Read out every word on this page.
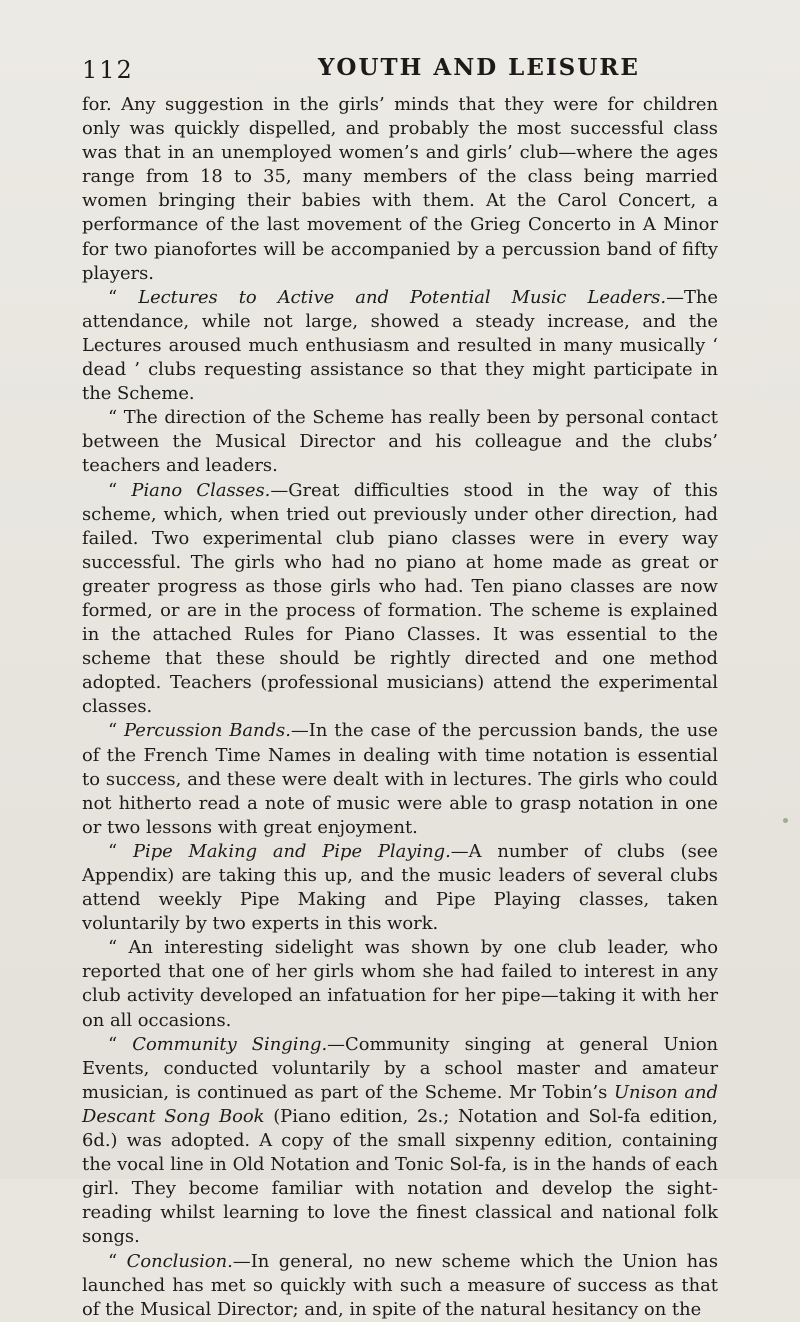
112	YOUTH AND LEISURE

for. Any suggestion in the girls’ minds that they were for children only was quickly dispelled, and probably the most successful class was that in an unemployed women’s and girls’ club—where the ages range from 18 to 35, many members of the class being married women bringing their babies with them. At the Carol Concert, a performance of the last movement of the Grieg Concerto in A Minor for two pianofortes will be accompanied by a percussion band of fifty players.

“ Lectures to Active and Potential Music Leaders.—The attendance, while not large, showed a steady increase, and the Lectures aroused much enthusiasm and resulted in many musically ‘ dead ’ clubs requesting assistance so that they might participate in the Scheme.

“ The direction of the Scheme has really been by personal contact between the Musical Director and his colleague and the clubs’ teachers and leaders.

“ Piano Classes.—Great difficulties stood in the way of this scheme, which, when tried out previously under other direction, had failed. Two experimental club piano classes were in every way successful. The girls who had no piano at home made as great or greater progress as those girls who had. Ten piano classes are now formed, or are in the process of formation. The scheme is explained in the attached Rules for Piano Classes. It was essential to the scheme that these should be rightly directed and one method adopted. Teachers (professional musicians) attend the experimental classes.

“ Percussion Bands.—In the case of the percussion bands, the use of the French Time Names in dealing with time notation is essential to success, and these were dealt with in lectures. The girls who could not hitherto read a note of music were able to grasp notation in one or two lessons with great enjoyment.

“ Pipe Making and Pipe Playing.—A number of clubs (see Appendix) are taking this up, and the music leaders of several clubs attend weekly Pipe Making and Pipe Playing classes, taken voluntarily by two experts in this work.

“ An interesting sidelight was shown by one club leader, who reported that one of her girls whom she had failed to interest in any club activity developed an infatuation for her pipe—taking it with her on all occasions.

“ Community Singing.—Community singing at general Union Events, conducted voluntarily by a school master and amateur musician, is continued as part of the Scheme. Mr Tobin’s Unison and Descant Song Book (Piano edition, 2s.; Notation and Sol-fa edition, 6d.) was adopted. A copy of the small sixpenny edition, containing the vocal line in Old Notation and Tonic Sol-fa, is in the hands of each girl. They become familiar with notation and develop the sight-reading whilst learning to love the finest classical and national folk songs.

“ Conclusion.—In general, no new scheme which the Union has launched has met so quickly with such a measure of success as that of the Musical Director; and, in spite of the natural hesitancy on the
